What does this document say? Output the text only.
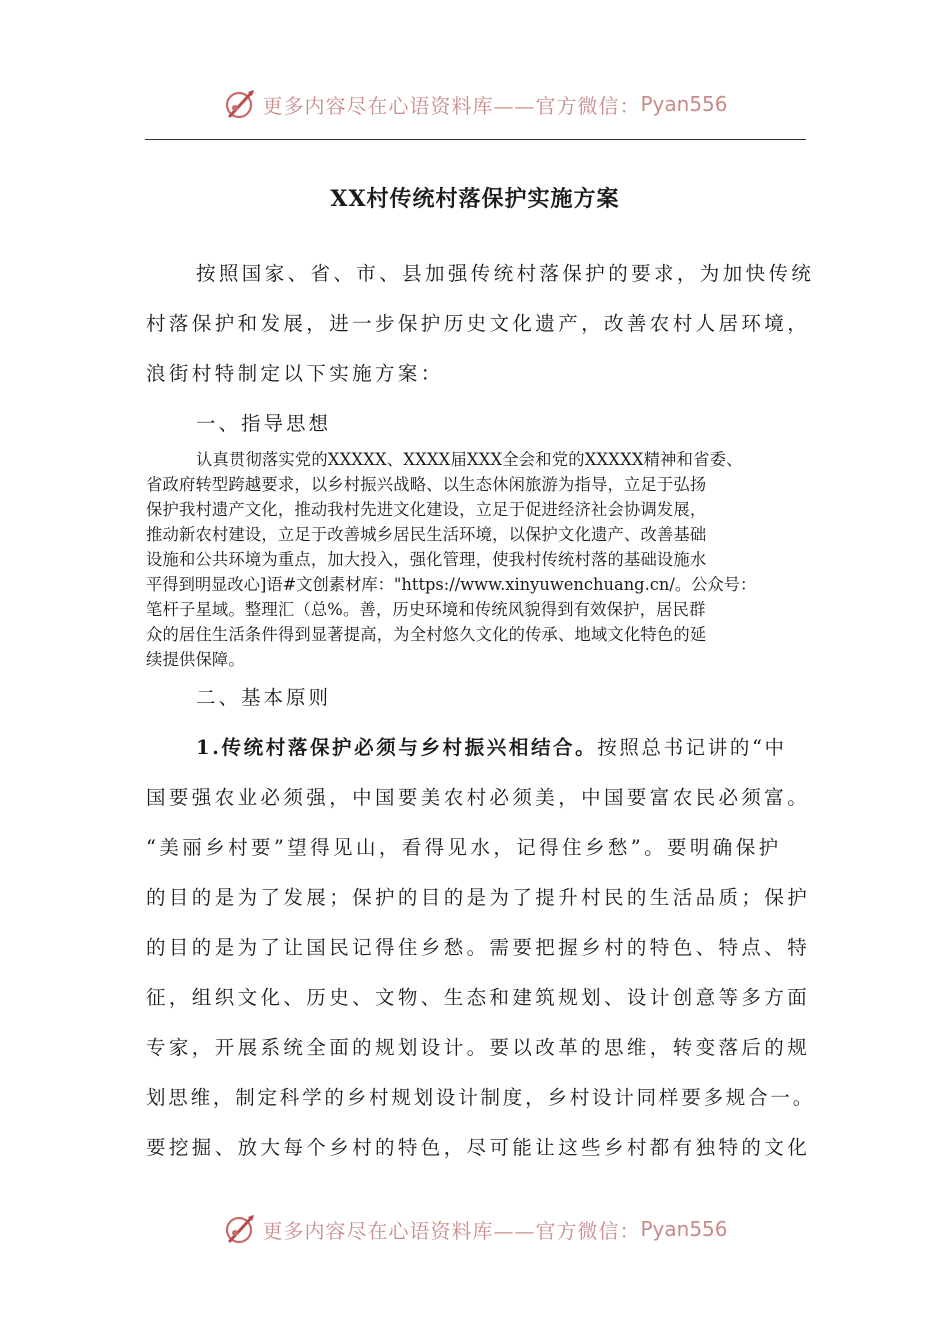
更多内容尽在心语资料库——官方微信： Pyan556
XX村传统村落保护实施方案
按照国家、省、市、县加强传统村落保护的要求，为加快传统
村落保护和发展，进一步保护历史文化遗产，改善农村人居环境，
浪街村特制定以下实施方案：
一、指导思想
认真贯彻落实党的XXXXX、XXXX届XXX全会和党的XXXXX精神和省委、
省政府转型跨越要求，以乡村振兴战略、以生态休闲旅游为指导，立足于弘扬
保护我村遗产文化，推动我村先进文化建设，立足于促进经济社会协调发展，
推动新农村建设，立足于改善城乡居民生活环境，以保护文化遗产、改善基础
设施和公共环境为重点，加大投入，强化管理，使我村传统村落的基础设施水
平得到明显改心]语#文创素材库："https://www.xinyuwenchuang.cn/。公众号：
笔杆子星域。整理汇（总%。善，历史环境和传统风貌得到有效保护，居民群
众的居住生活条件得到显著提高，为全村悠久文化的传承、地域文化特色的延
续提供保障。
二、基本原则
1.传统村落保护必须与乡村振兴相结合。按照总书记讲的“中
国要强农业必须强，中国要美农村必须美，中国要富农民必须富。
“美丽乡村要”望得见山，看得见水，记得住乡愁”。要明确保护
的目的是为了发展；保护的目的是为了提升村民的生活品质；保护
的目的是为了让国民记得住乡愁。需要把握乡村的特色、特点、特
征，组织文化、历史、文物、生态和建筑规划、设计创意等多方面
专家，开展系统全面的规划设计。要以改革的思维，转变落后的规
划思维，制定科学的乡村规划设计制度，乡村设计同样要多规合一。
要挖掘、放大每个乡村的特色，尽可能让这些乡村都有独特的文化
更多内容尽在心语资料库——官方微信： Pyan556
